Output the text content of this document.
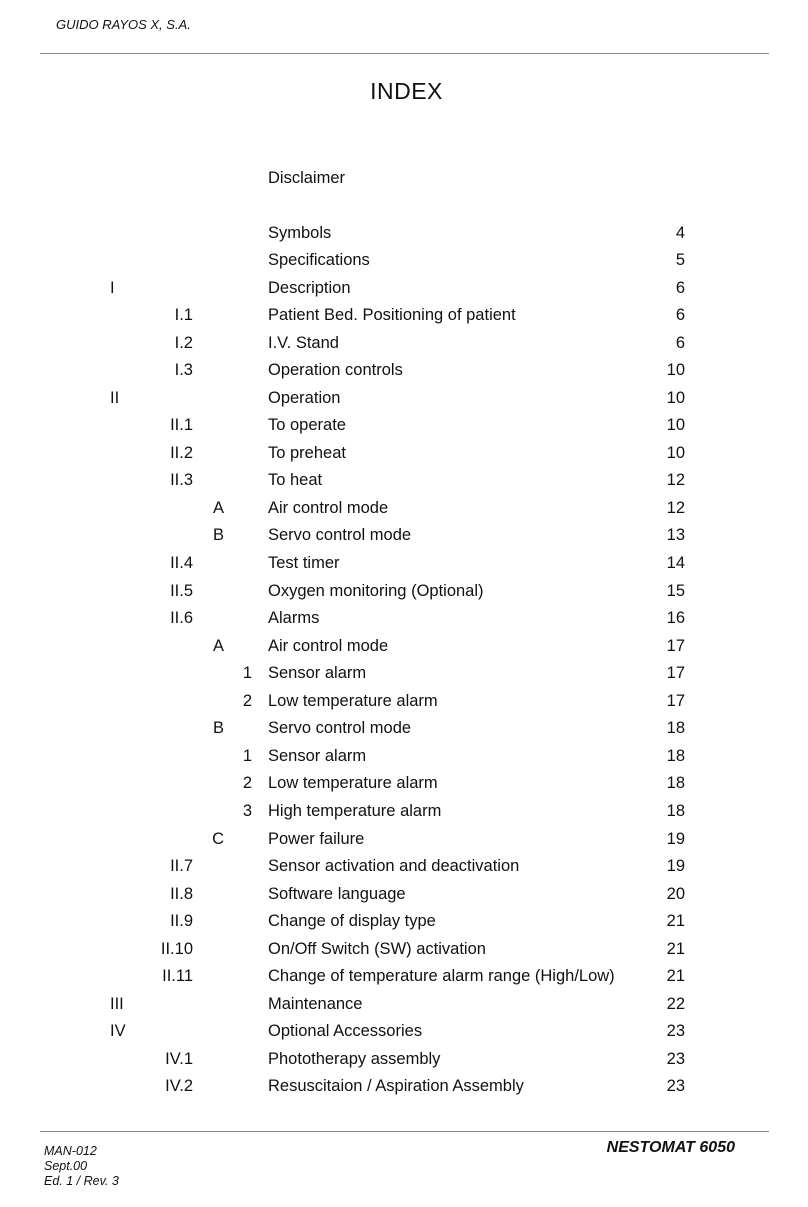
GUIDO RAYOS X, S.A.
INDEX
Disclaimer
Symbols	4
Specifications	5
I	Description	6
I.1	Patient Bed. Positioning of patient	6
I.2	I.V. Stand	6
I.3	Operation controls	10
II	Operation	10
II.1	To operate	10
II.2	To preheat	10
II.3	To heat	12
A	Air control mode	12
B	Servo control mode	13
II.4	Test timer	14
II.5	Oxygen monitoring (Optional)	15
II.6	Alarms	16
A	Air control mode	17
1 Sensor alarm	17
2 Low temperature alarm	17
B	Servo control mode	18
1 Sensor alarm	18
2 Low temperature alarm	18
3 High temperature alarm	18
C	Power failure	19
II.7	Sensor activation and deactivation	19
II.8	Software language	20
II.9	Change of display type	21
II.10	On/Off Switch (SW) activation	21
II.11	Change of temperature alarm range (High/Low)	21
III	Maintenance	22
IV	Optional Accessories	23
IV.1	Phototherapy assembly	23
IV.2	Resuscitaion / Aspiration Assembly	23
MAN-012
Sept.00
Ed. 1 / Rev. 3
NESTOMAT 6050
